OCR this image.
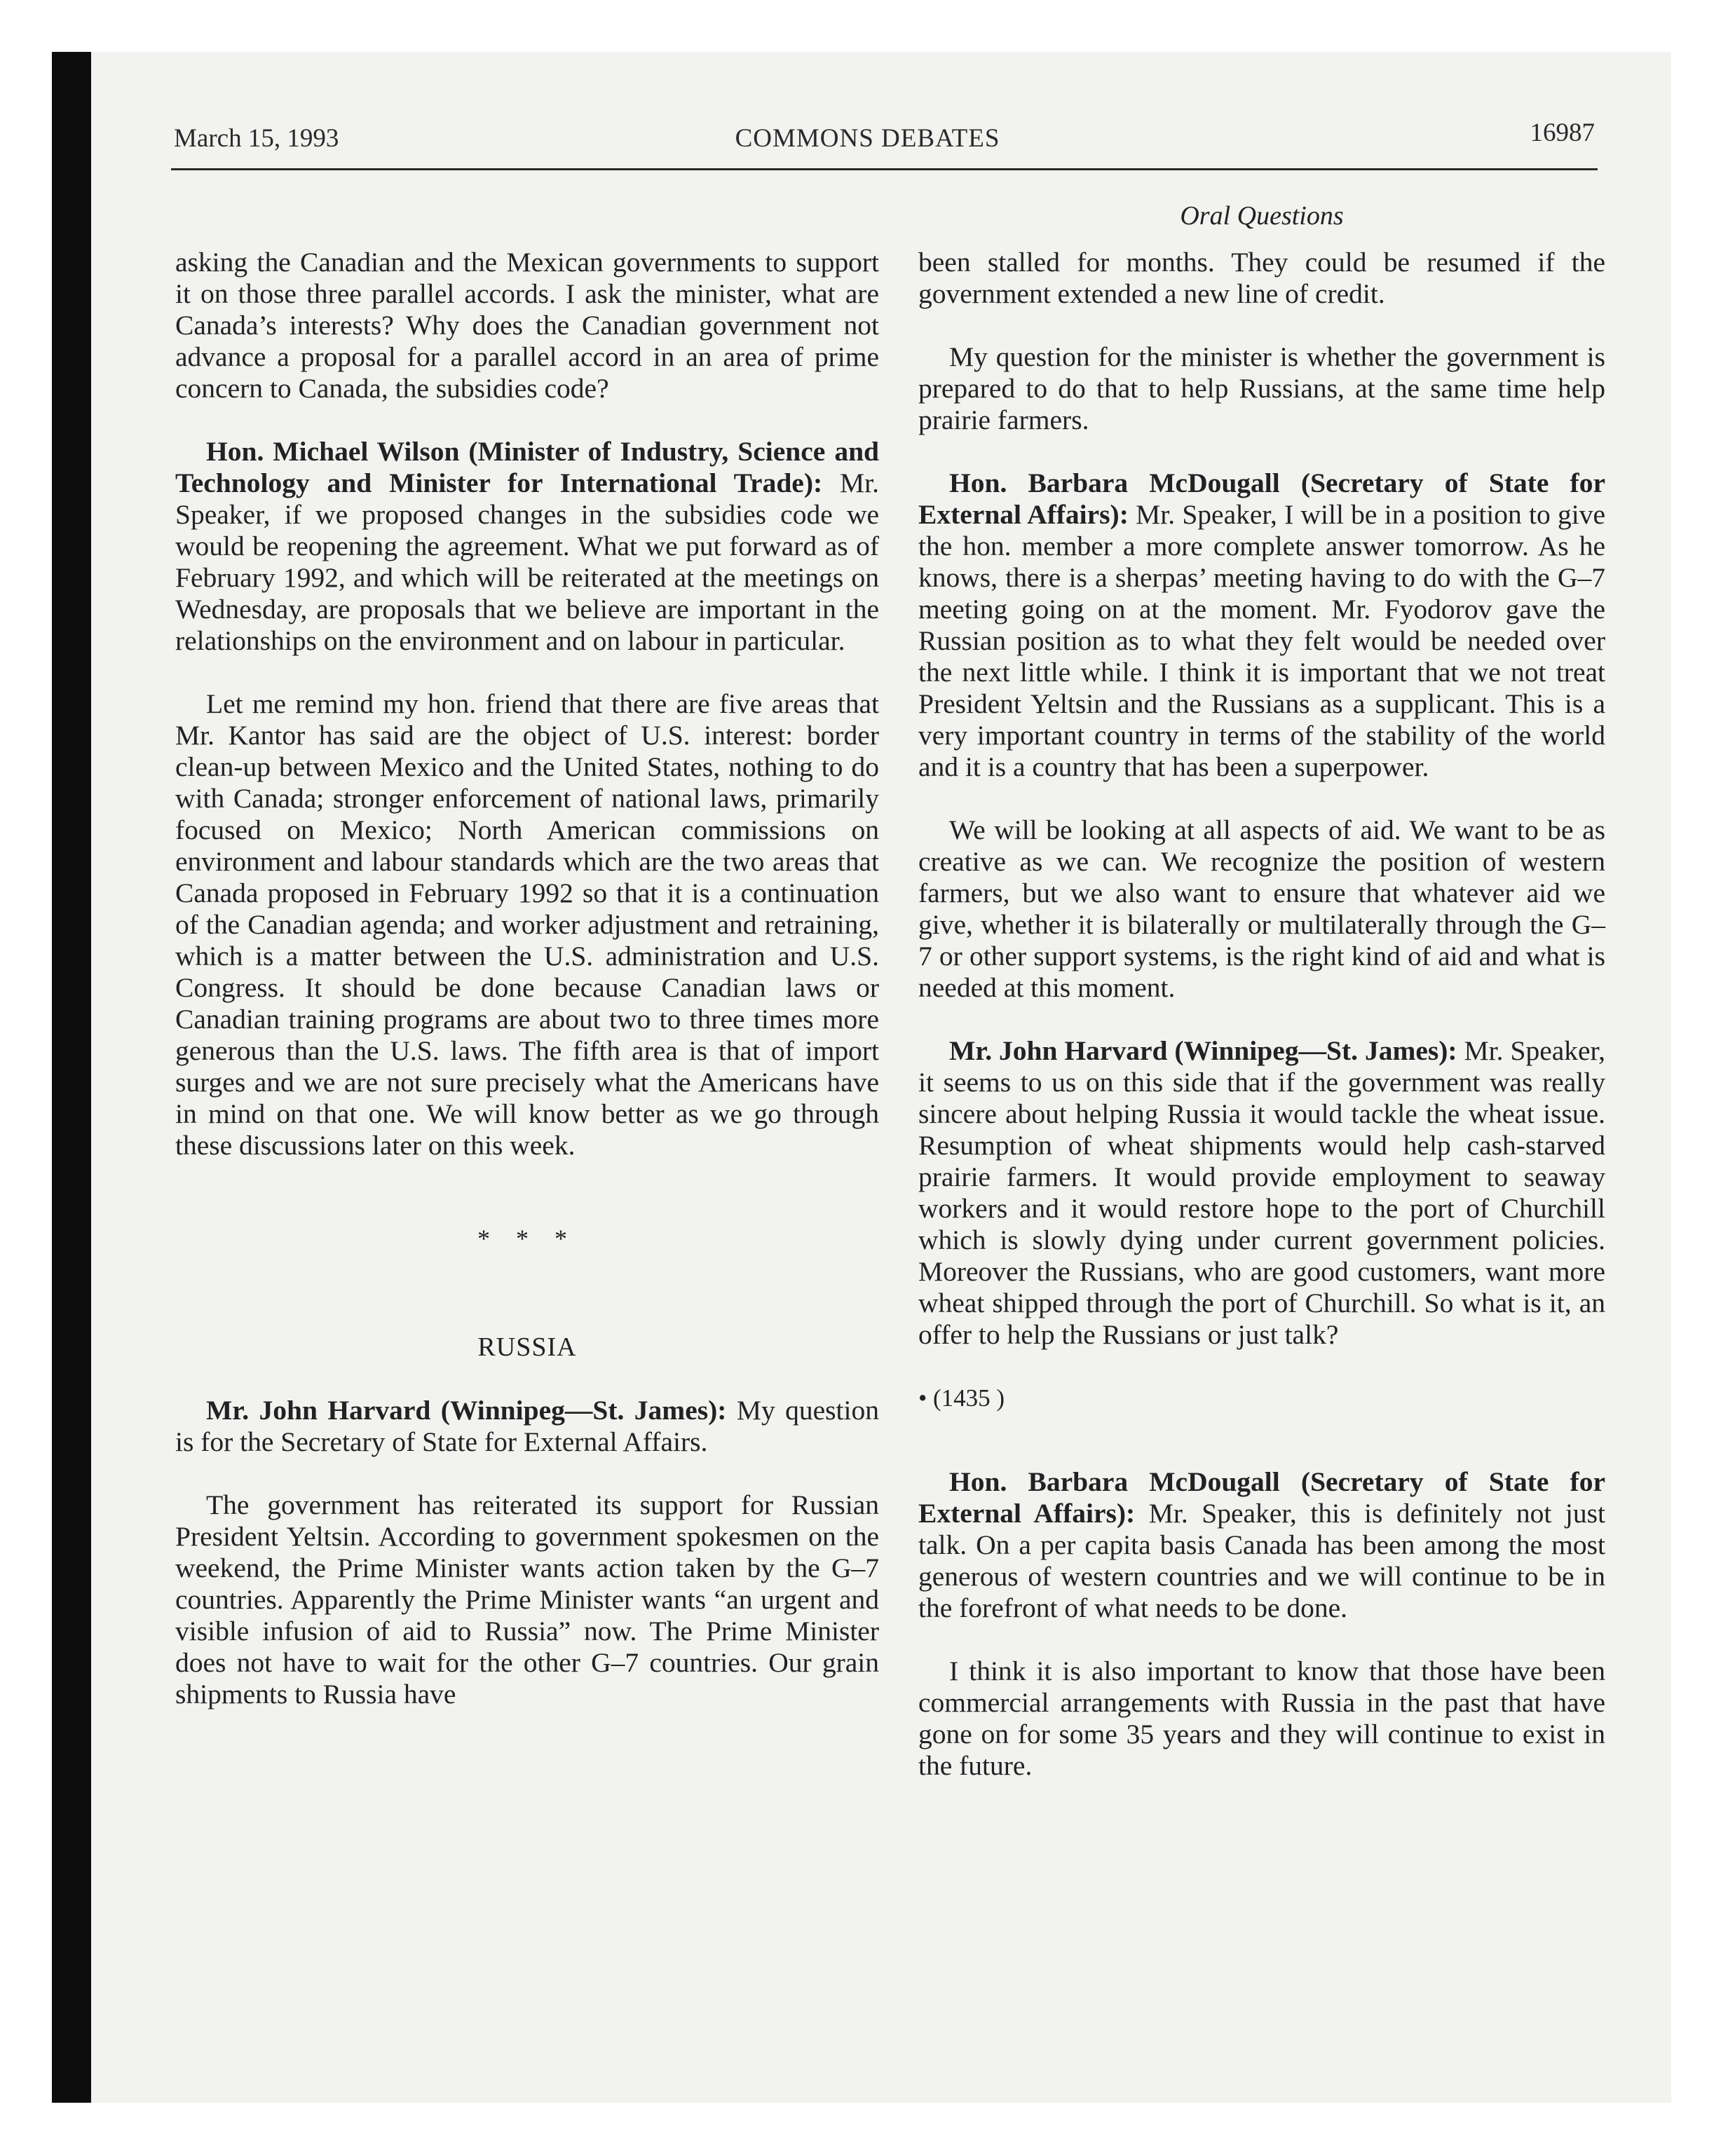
March 15, 1993	COMMONS DEBATES	16987
Oral Questions

asking the Canadian and the Mexican governments to support it on those three parallel accords. I ask the minister, what are Canada’s interests? Why does the Canadian government not advance a proposal for a parallel accord in an area of prime concern to Canada, the subsidies code?

Hon. Michael Wilson (Minister of Industry, Science and Technology and Minister for International Trade): Mr. Speaker, if we proposed changes in the subsidies code we would be reopening the agreement. What we put forward as of February 1992, and which will be reiterated at the meetings on Wednesday, are proposals that we believe are important in the relationships on the environment and on labour in particular.

Let me remind my hon. friend that there are five areas that Mr. Kantor has said are the object of U.S. interest: border clean-up between Mexico and the United States, nothing to do with Canada; stronger enforcement of national laws, primarily focused on Mexico; North American commissions on environment and labour standards which are the two areas that Canada proposed in February 1992 so that it is a continuation of the Canadian agenda; and worker adjustment and retraining, which is a matter between the U.S. administration and U.S. Congress. It should be done because Canadian laws or Canadian training programs are about two to three times more generous than the U.S. laws. The fifth area is that of import surges and we are not sure precisely what the Americans have in mind on that one. We will know better as we go through these discussions later on this week.

* * *
RUSSIA

Mr. John Harvard (Winnipeg—St. James): My question is for the Secretary of State for External Affairs.

The government has reiterated its support for Russian President Yeltsin. According to government spokesmen on the weekend, the Prime Minister wants action taken by the G–7 countries. Apparently the Prime Minister wants “an urgent and visible infusion of aid to Russia” now. The Prime Minister does not have to wait for the other G–7 countries. Our grain shipments to Russia have

been stalled for months. They could be resumed if the government extended a new line of credit.

My question for the minister is whether the government is prepared to do that to help Russians, at the same time help prairie farmers.

Hon. Barbara McDougall (Secretary of State for External Affairs): Mr. Speaker, I will be in a position to give the hon. member a more complete answer tomorrow. As he knows, there is a sherpas’ meeting having to do with the G–7 meeting going on at the moment. Mr. Fyodorov gave the Russian position as to what they felt would be needed over the next little while. I think it is important that we not treat President Yeltsin and the Russians as a supplicant. This is a very important country in terms of the stability of the world and it is a country that has been a superpower.

We will be looking at all aspects of aid. We want to be as creative as we can. We recognize the position of western farmers, but we also want to ensure that whatever aid we give, whether it is bilaterally or multilaterally through the G–7 or other support systems, is the right kind of aid and what is needed at this moment.

Mr. John Harvard (Winnipeg—St. James): Mr. Speaker, it seems to us on this side that if the government was really sincere about helping Russia it would tackle the wheat issue. Resumption of wheat shipments would help cash-starved prairie farmers. It would provide employment to seaway workers and it would restore hope to the port of Churchill which is slowly dying under current government policies. Moreover the Russians, who are good customers, want more wheat shipped through the port of Churchill. So what is it, an offer to help the Russians or just talk?

• (1435 )

Hon. Barbara McDougall (Secretary of State for External Affairs): Mr. Speaker, this is definitely not just talk. On a per capita basis Canada has been among the most generous of western countries and we will continue to be in the forefront of what needs to be done.

I think it is also important to know that those have been commercial arrangements with Russia in the past that have gone on for some 35 years and they will continue to exist in the future.
